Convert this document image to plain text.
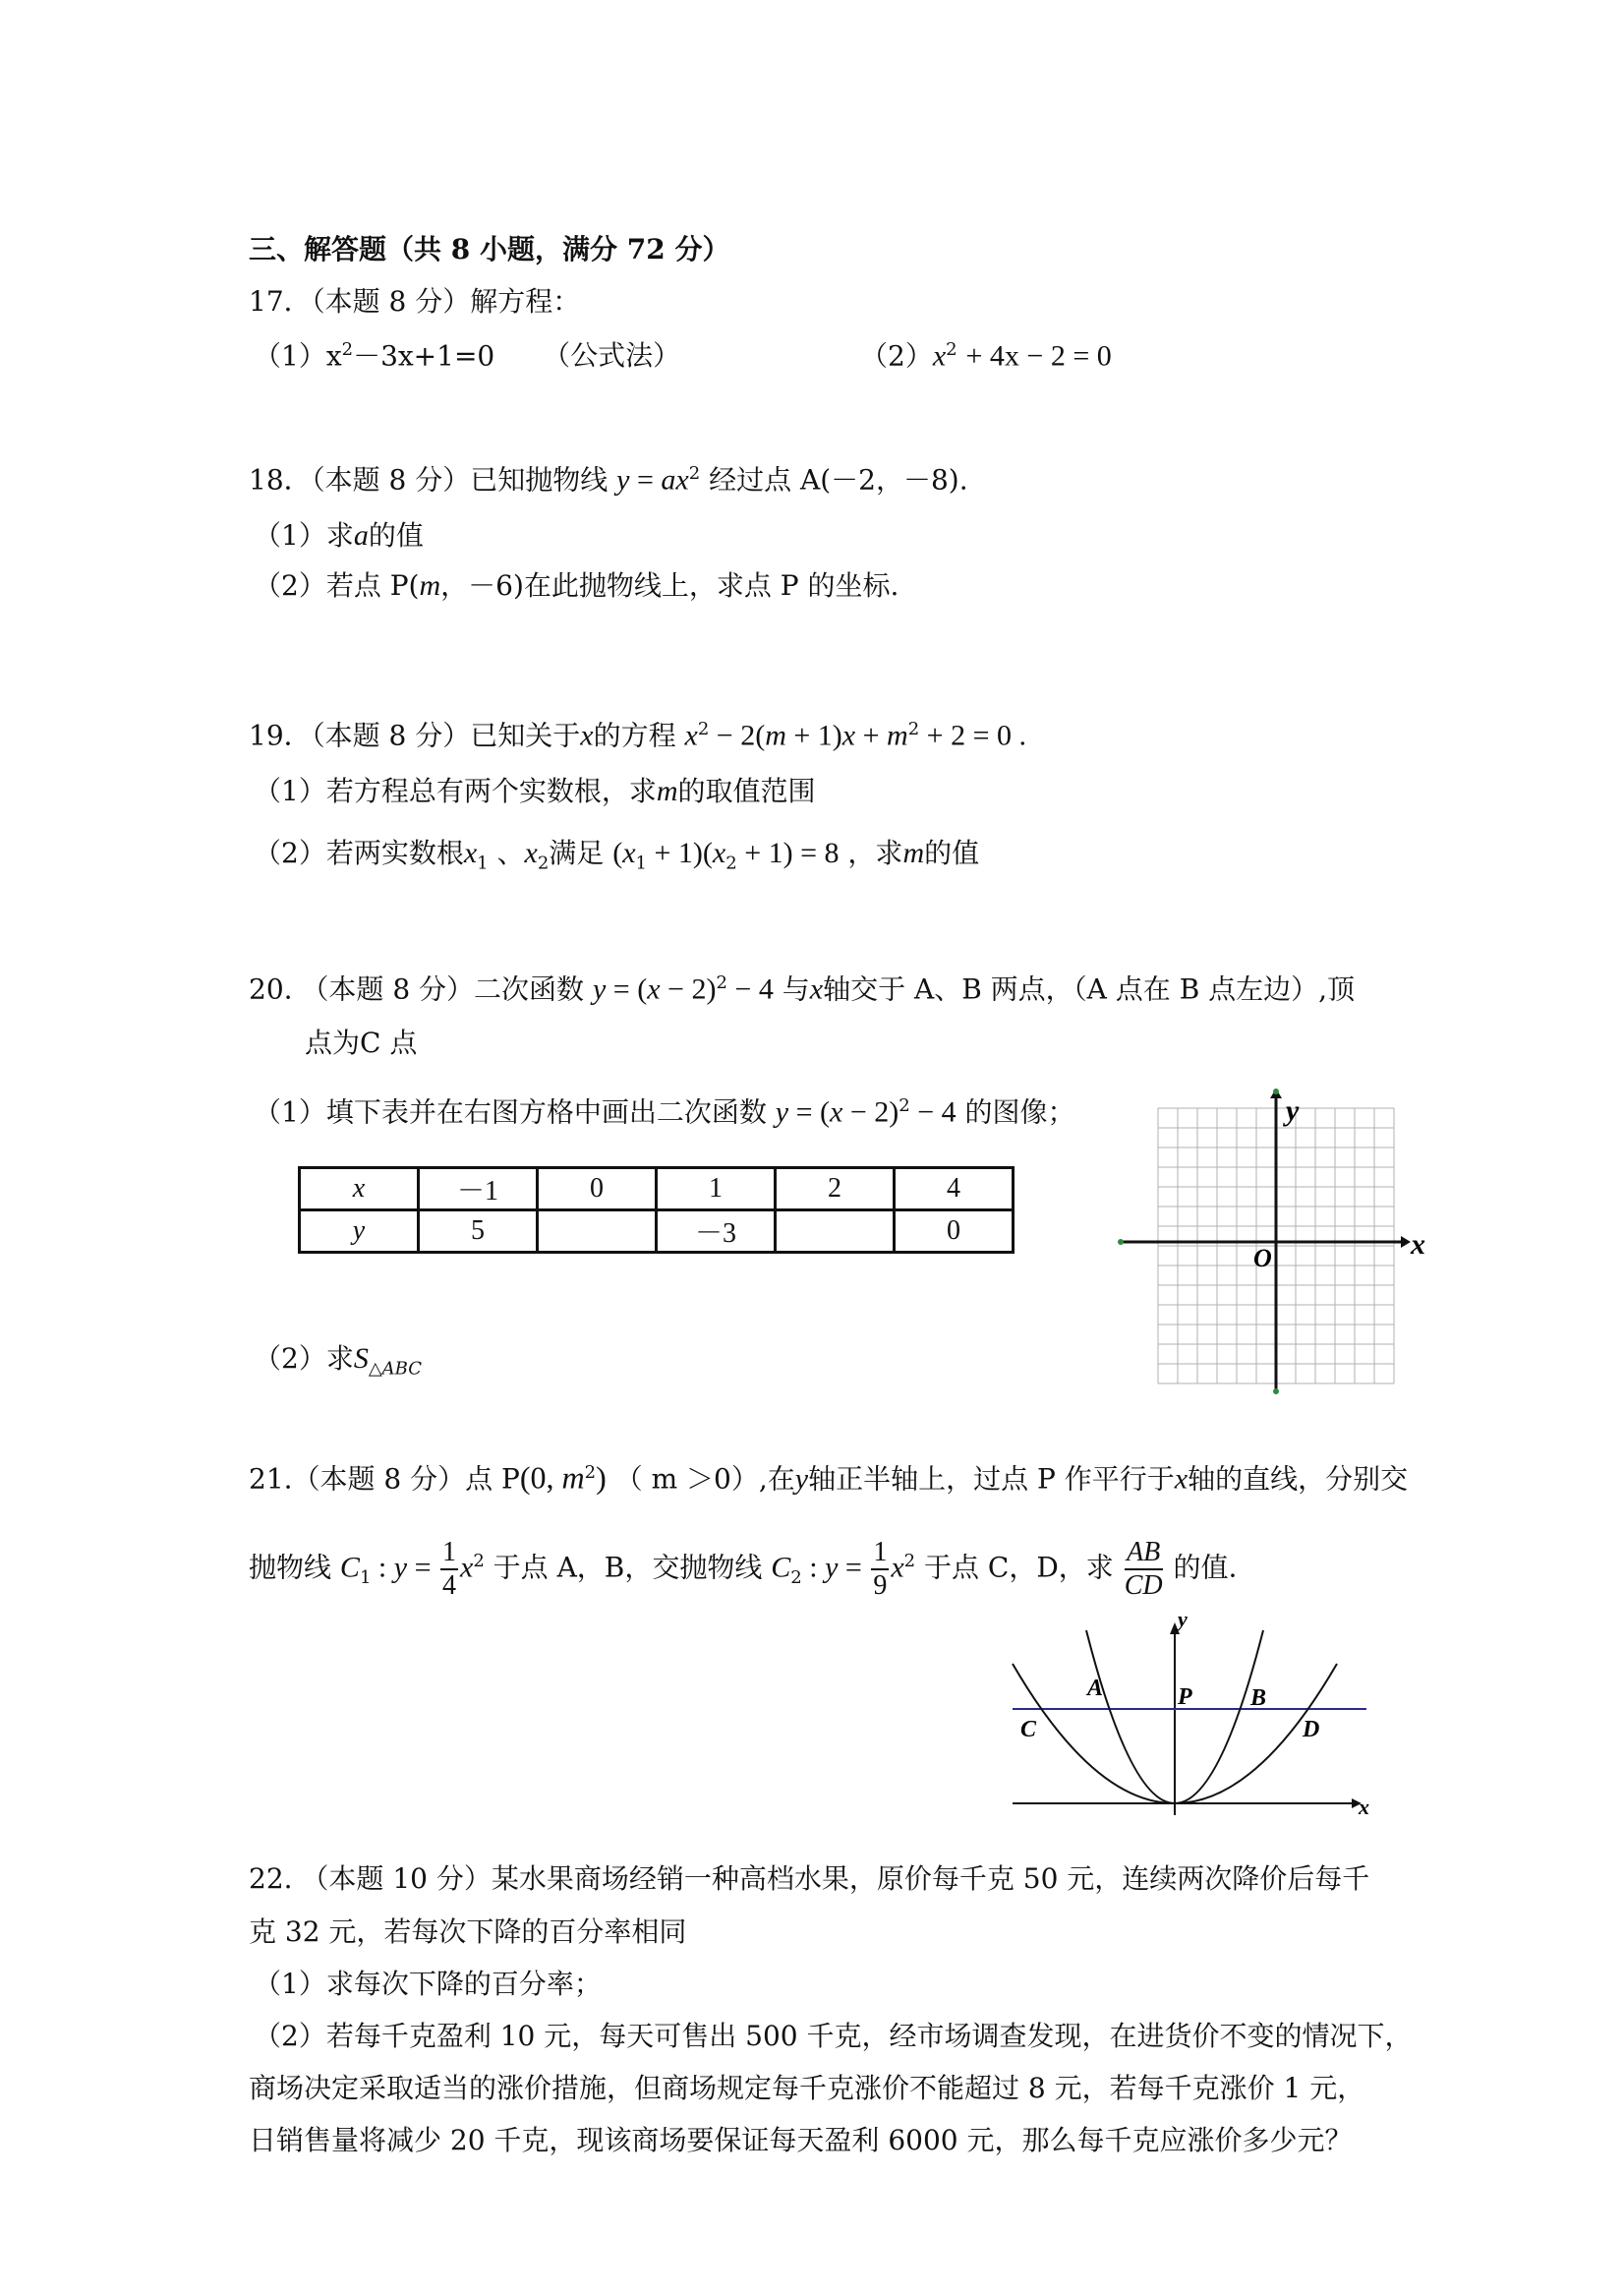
三、解答题（共 8 小题，满分 72 分）
17．（本题 8 分）解方程：
$(1)x^2-3x+1=0$ （公式法）	$(2)x^2 + 4x - 2 = 0$
18．（本题 8 分）已知抛物线 $y = ax^2$ 经过点 A(－2，－8).
（1）求a的值
（2）若点 P(m，－6)在此抛物线上，求点 P 的坐标.
19．（本题 8 分）已知关于x的方程 $x^2 - 2(m + 1)x + m^2 + 2 = 0$ .
（1）若方程总有两个实数根，求m的取值范围
（2）若两实数根$x_1$ 、$x_2$满足 $(x_1 + 1)(x_2 + 1) = 8$ ，求m的值
20. （本题 8 分）二次函数 $y = (x - 2)^2 - 4$ 与x轴交于 A、B 两点，（A 点在 B 点左边）,顶
点为C 点
（1）填下表并在右图方格中画出二次函数 $y = (x - 2)^2 - 4$ 的图像；
x	－1	0	1	2	4
y	5		－3		0
（2）求$S_{\triangle ABC}$
x
y
O
21.（本题 8 分）点 P(0, $m^2$) （ m ＞0）,在y轴正半轴上，过点 P 作平行于x轴的直线，分别交
抛物线 $C_1$ : $y = \frac{1}{4} x^2$ 于点 A，B，交抛物线 $C_2$ : $y = \frac{1}{9} x^2$ 于点 C，D，求 $\frac{AB}{CD}$ 的值.
y
x
P
A	B
C	D
22. （本题 10 分）某水果商场经销一种高档水果，原价每千克 50 元，连续两次降价后每千
克 32 元，若每次下降的百分率相同
（1）求每次下降的百分率；
（2）若每千克盈利 10 元，每天可售出 500 千克，经市场调查发现，在进货价不变的情况下，
商场决定采取适当的涨价措施，但商场规定每千克涨价不能超过 8 元，若每千克涨价 1 元，
日销售量将减少 20 千克，现该商场要保证每天盈利 6000 元，那么每千克应涨价多少元？
